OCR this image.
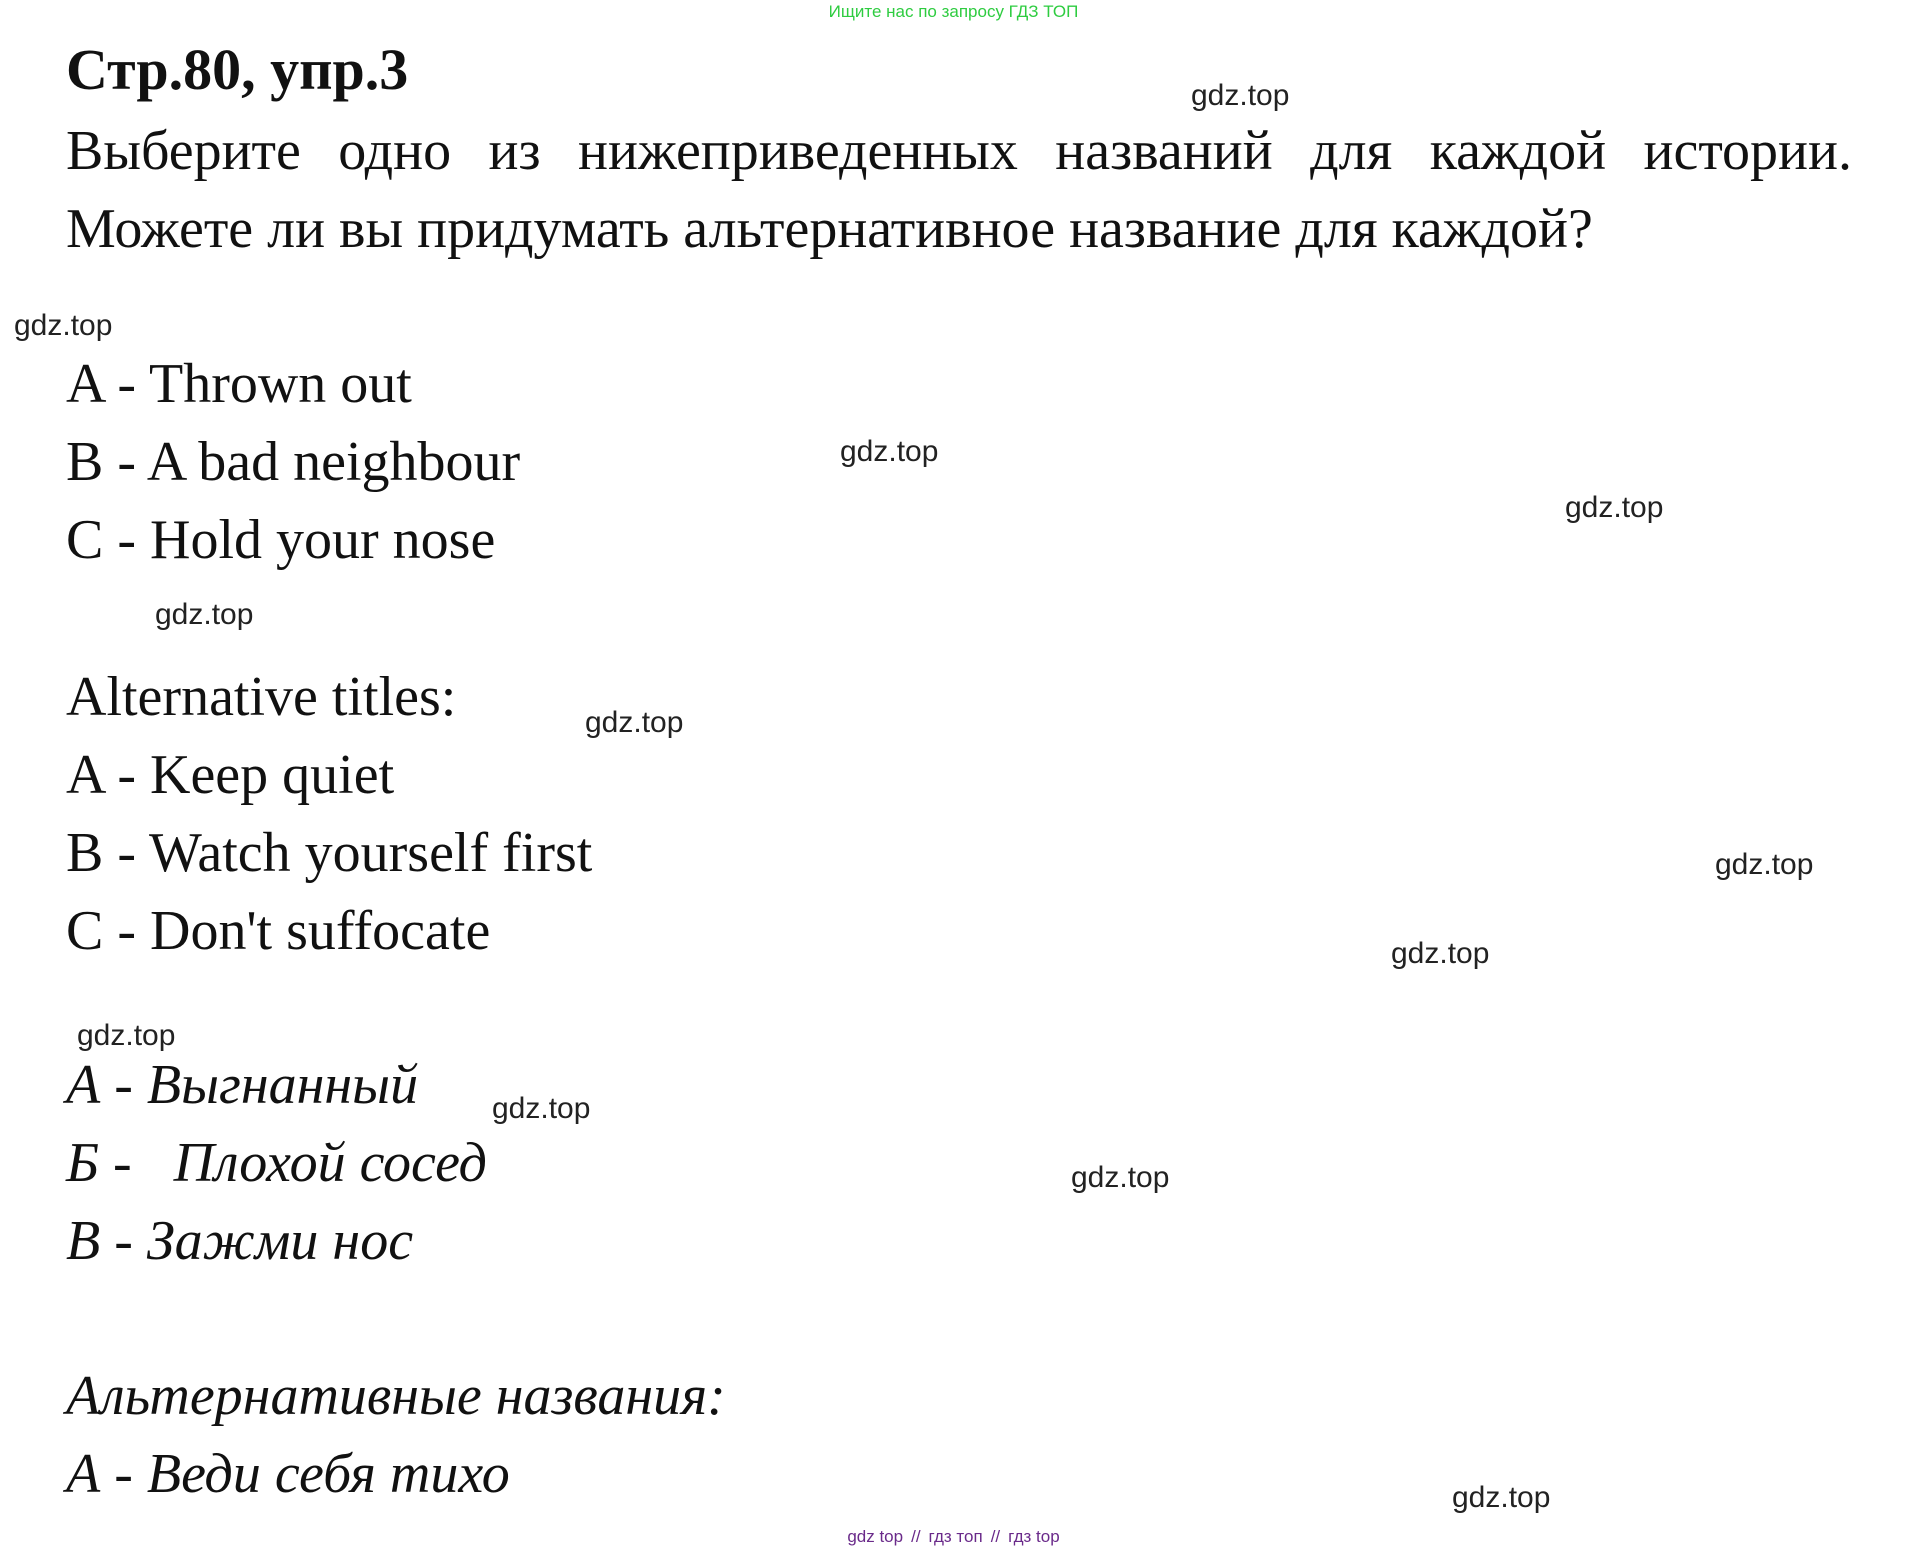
Ищите нас по запросу ГДЗ ТОП
Стр.80, упр.3
Выберите одно из нижеприведенных названий для каждой истории.
Можете ли вы придумать альтернативное название для каждой?
A - Thrown out
B - A bad neighbour
C - Hold your nose
Alternative titles:
A - Keep quiet
B - Watch yourself first
C - Don't suffocate
А - Выгнанный
Б -   Плохой сосед
В - Зажми нос
Альтернативные названия:
А - Веди себя тихо
gdz.top
gdz.top
gdz.top
gdz.top
gdz.top
gdz.top
gdz.top
gdz.top
gdz.top
gdz.top
gdz.top
gdz.top
gdz top // гдз топ // гдз top
